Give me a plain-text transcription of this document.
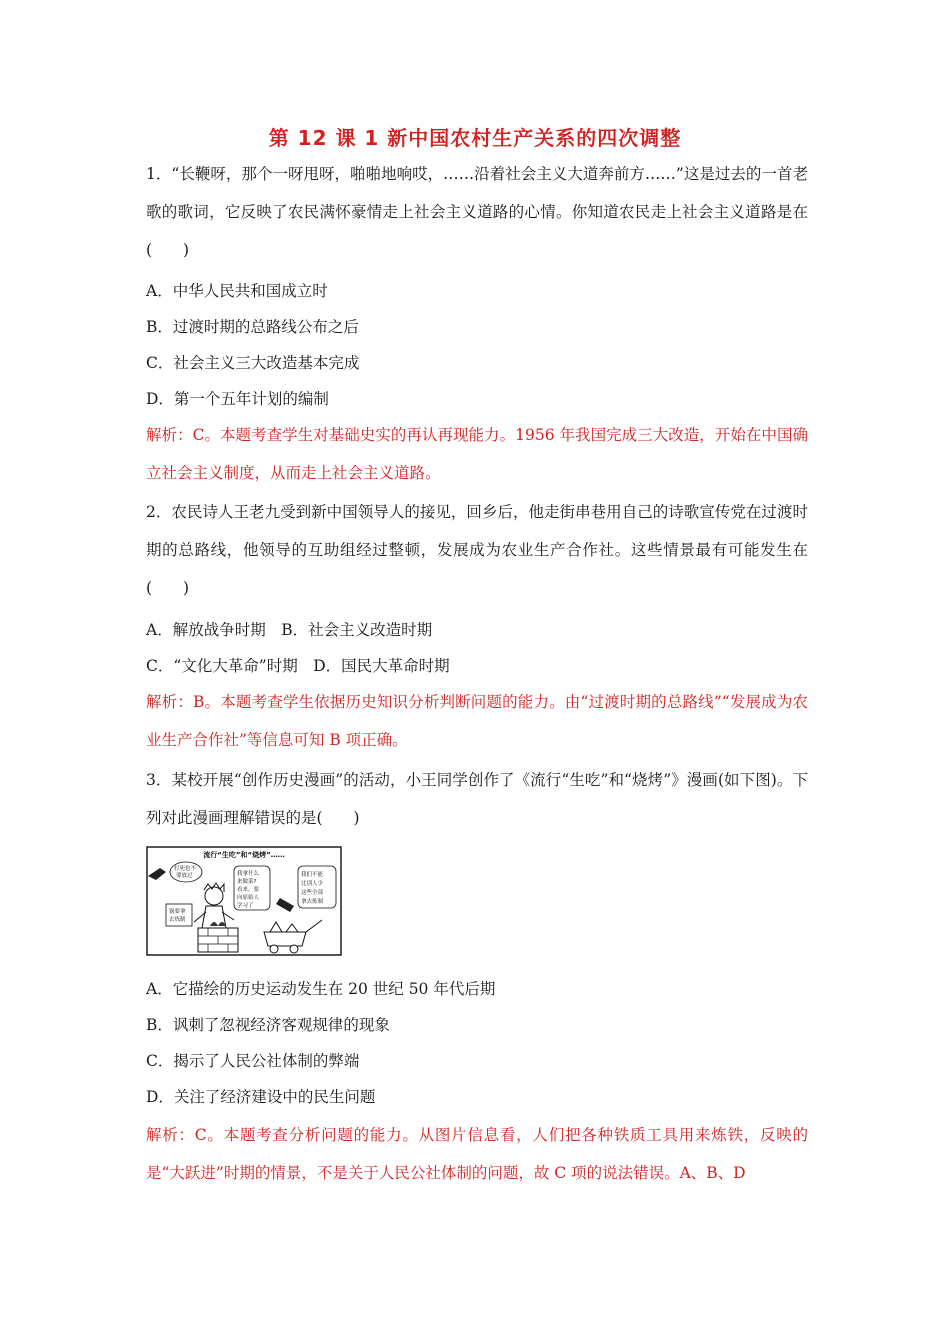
第 12 课 1 新中国农村生产关系的四次调整

1．“长鞭呀，那个一呀甩呀，啪啪地响哎，……沿着社会主义大道奔前方……”这是过去的一首老歌的歌词，它反映了农民满怀豪情走上社会主义道路的心情。你知道农民走上社会主义道路是在(　　)

A．中华人民共和国成立时
B．过渡时期的总路线公布之后
C．社会主义三大改造基本完成
D．第一个五年计划的编制

解析：C。本题考查学生对基础史实的再认再现能力。1956 年我国完成三大改造，开始在中国确立社会主义制度，从而走上社会主义道路。

2．农民诗人王老九受到新中国领导人的接见，回乡后，他走街串巷用自己的诗歌宣传党在过渡时期的总路线，他领导的互助组经过整顿，发展成为农业生产合作社。这些情景最有可能发生在(　　)

A．解放战争时期　B．社会主义改造时期
C．“文化大革命”时期　D．国民大革命时期

解析：B。本题考查学生依据历史知识分析判断问题的能力。由“过渡时期的总路线”“发展成为农业生产合作社”等信息可知 B 项正确。

3．某校开展“创作历史漫画”的活动，小王同学创作了《流行“生吃”和“烧烤”》漫画(如下图)。下列对此漫画理解错误的是(　　)

流行“生吃”和“烧烤”……
打死也不 要放过
锅要拿 去炼制
我拿什么 来做菜? 看来，要 向原始人 学习了
我们不能 比别人少 这些全部 拿去炼制
A．它描绘的历史运动发生在 20 世纪 50 年代后期
B．讽刺了忽视经济客观规律的现象
C．揭示了人民公社体制的弊端
D．关注了经济建设中的民生问题

解析：C。本题考查分析问题的能力。从图片信息看，人们把各种铁质工具用来炼铁，反映的是“大跃进”时期的情景，不是关于人民公社体制的问题，故 C 项的说法错误。A、B、D
